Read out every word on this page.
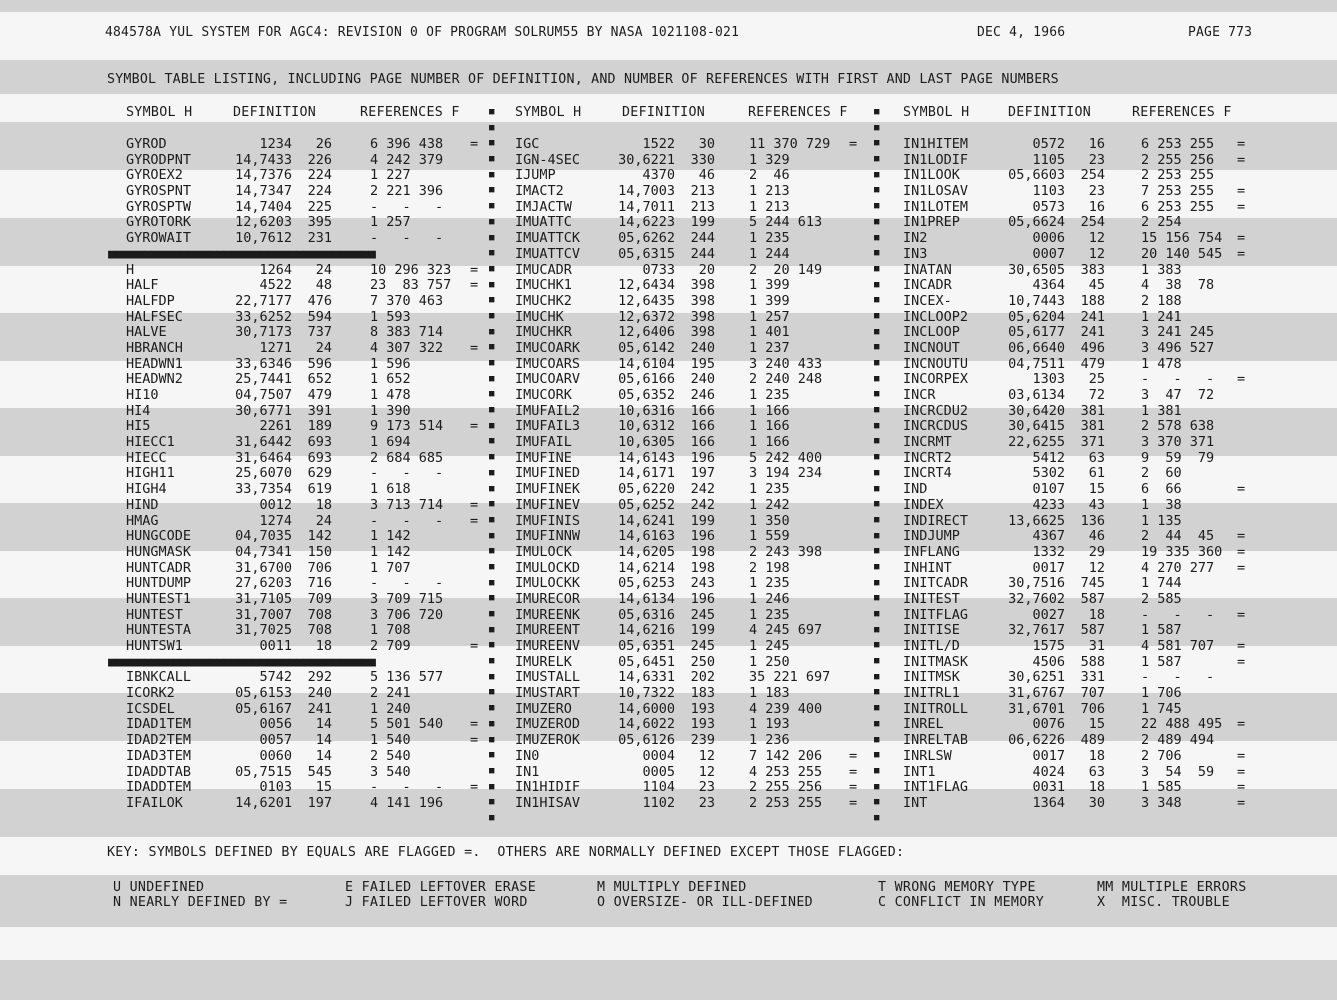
484578A YUL SYSTEM FOR AGC4: REVISION 0 OF PROGRAM SOLRUM55 BY NASA 1021108-021

	DEC 4, 1966

	PAGE 773

SYMBOL TABLE LISTING, INCLUDING PAGE NUMBER OF DEFINITION, AND NUMBER OF REFERENCES WITH FIRST AND LAST PAGE NUMBERS
SYMBOL H	DEFINITION	REFERENCES F	SYMBOL H	DEFINITION	REFERENCES F	SYMBOL H	DEFINITION	REFERENCES F
■
■
■
■
■
■
■
■
■
■
■
■
■
■
■
■
■
■
■
■
■
■
■
■
■
■
■
■
■
■
■
■
■
■
■
■
■
■
■
■
■
■
■
■
■
■
■
■
■
■
■
■
■
■
■
■
■
■
■
■
■
■
■
■
■
■
■
■
■
■
■
■
■
■
■
■
■
■
■
■
■
■
■
■
■
■
■
■
■
■
■
■
GYROD	1234	26	6 396 438 =
GYRODPNT	14,7433	226	4 242 379
GYROEX2	14,7376	224	1 227
GYROSPNT	14,7347	224	2 221 396
GYROSPTW	14,7404	225	-   -   -
GYROTORK	12,6203	395	1 257
GYROWAIT	10,7612	231	-   -   -
■■■■■■■■■■■■■■■■■■■■■■■■■■■■■■■■■■■■■
H	1264	24	10 296 323 =
HALF	4522	48	23  83 757 =
HALFDP	22,7177	476	7 370 463
HALFSEC	33,6252	594	1 593
HALVE	30,7173	737	8 383 714
HBRANCH	1271	24	4 307 322 =
HEADWN1	33,6346	596	1 596
HEADWN2	25,7441	652	1 652
HI10	04,7507	479	1 478
HI4	30,6771	391	1 390
HI5	2261	189	9 173 514 =
HIECC1	31,6442	693	1 694
HIECC	31,6464	693	2 684 685
HIGH11	25,6070	629	-   -   -
HIGH4	33,7354	619	1 618
HIND	0012	18	3 713 714 =
HMAG	1274	24	-   -   - =
HUNGCODE	04,7035	142	1 142
HUNGMASK	04,7341	150	1 142
HUNTCADR	31,6700	706	1 707
HUNTDUMP	27,6203	716	-   -   -
HUNTEST1	31,7105	709	3 709 715
HUNTEST	31,7007	708	3 706 720
HUNTESTA	31,7025	708	1 708
HUNTSW1	0011	18	2 709	=
■■■■■■■■■■■■■■■■■■■■■■■■■■■■■■■■■■■■■
IBNKCALL	5742	292	5 136 577
ICORK2	05,6153	240	2 241
ICSDEL	05,6167	241	1 240
IDAD1TEM	0056	14	5 501 540 =
IDAD2TEM	0057	14	1 540	=
IDAD3TEM	0060	14	2 540
IDADDTAB	05,7515	545	3 540
IDADDTEM	0103	15	-   -   - =
IFAILOK	14,6201	197	4 141 196
IGC	1522	30	11 370 729 =
IGN-4SEC	30,6221	330	1 329
IJUMP	4370	46	2  46
IMACT2	14,7003	213	1 213
IMJACTW	14,7011	213	1 213
IMUATTC	14,6223	199	5 244 613
IMUATTCK	05,6262	244	1 235
IMUATTCV	05,6315	244	1 244
IMUCADR	0733	20	2  20 149
IMUCHK1	12,6434	398	1 399
IMUCHK2	12,6435	398	1 399
IMUCHK	12,6372	398	1 257
IMUCHKR	12,6406	398	1 401
IMUCOARK	05,6142	240	1 237
IMUCOARS	14,6104	195	3 240 433
IMUCOARV	05,6166	240	2 240 248
IMUCORK	05,6352	246	1 235
IMUFAIL2	10,6316	166	1 166
IMUFAIL3	10,6312	166	1 166
IMUFAIL	10,6305	166	1 166
IMUFINE	14,6143	196	5 242 400
IMUFINED	14,6171	197	3 194 234
IMUFINEK	05,6220	242	1 235
IMUFINEV	05,6252	242	1 242
IMUFINIS	14,6241	199	1 350
IMUFINNW	14,6163	196	1 559
IMULOCK	14,6205	198	2 243 398
IMULOCKD	14,6214	198	2 198
IMULOCKK	05,6253	243	1 235
IMURECOR	14,6134	196	1 246
IMUREENK	05,6316	245	1 235
IMUREENT	14,6216	199	4 245 697
IMUREENV	05,6351	245	1 245
IMURELK	05,6451	250	1 250
IMUSTALL	14,6331	202	35 221 697
IMUSTART	10,7322	183	1 183
IMUZERO	14,6000	193	4 239 400
IMUZEROD	14,6022	193	1 193
IMUZEROK	05,6126	239	1 236
IN0	0004	12	7 142 206 =
IN1	0005	12	4 253 255 =
IN1HIDIF	1104	23	2 255 256 =
IN1HISAV	1102	23	2 253 255 =
IN1HITEM	0572	16	6 253 255 =
IN1LODIF	1105	23	2 255 256 =
IN1LOOK	05,6603	254	2 253 255
IN1LOSAV	1103	23	7 253 255 =
IN1LOTEM	0573	16	6 253 255 =
IN1PREP	05,6624	254	2 254
IN2	0006	12	15 156 754 =
IN3	0007	12	20 140 545 =
INATAN	30,6505	383	1 383
INCADR	4364	45	4  38  78
INCEX-	10,7443	188	2 188
INCLOOP2	05,6204	241	1 241
INCLOOP	05,6177	241	3 241 245
INCNOUT	06,6640	496	3 496 527
INCNOUTU	04,7511	479	1 478
INCORPEX	1303	25	-   -   - =
INCR	03,6134	72	3  47  72
INCRCDU2	30,6420	381	1 381
INCRCDUS	30,6415	381	2 578 638
INCRMT	22,6255	371	3 370 371
INCRT2	5412	63	9  59  79
INCRT4	5302	61	2  60
IND	0107	15	6  66	=
INDEX	4233	43	1  38
INDIRECT	13,6625	136	1 135
INDJUMP	4367	46	2  44  45 =
INFLANG	1332	29	19 335 360 =
INHINT	0017	12	4 270 277 =
INITCADR	30,7516	745	1 744
INITEST	32,7602	587	2 585
INITFLAG	0027	18	-   -   - =
INITISE	32,7617	587	1 587
INITL/D	1575	31	4 581 707 =
INITMASK	4506	588	1 587	=
INITMSK	30,6251	331	-   -   -
INITRL1	31,6767	707	1 706
INITROLL	31,6701	706	1 745
INREL	0076	15	22 488 495 =
INRELTAB	06,6226	489	2 489 494
INRLSW	0017	18	2 706	=
INT1	4024	63	3  54  59 =
INT1FLAG	0031	18	1 585	=
INT	1364	30	3 348	=
KEY: SYMBOLS DEFINED BY EQUALS ARE FLAGGED =.  OTHERS ARE NORMALLY DEFINED EXCEPT THOSE FLAGGED:
U UNDEFINED
N NEARLY DEFINED BY =
E FAILED LEFTOVER ERASE
J FAILED LEFTOVER WORD
M MULTIPLY DEFINED
O OVERSIZE- OR ILL-DEFINED
T WRONG MEMORY TYPE
C CONFLICT IN MEMORY
MM MULTIPLE ERRORS
X  MISC. TROUBLE
